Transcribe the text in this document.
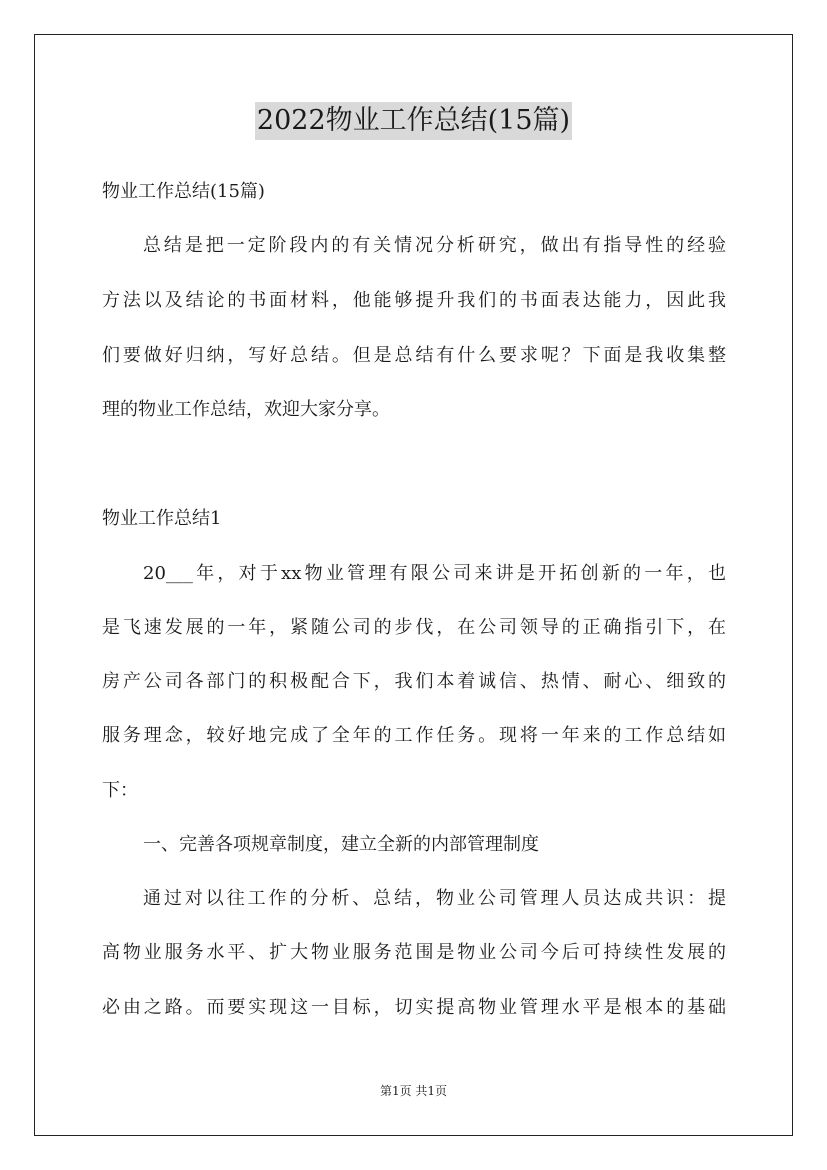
2022物业工作总结(15篇)
物业工作总结(15篇)
总结是把一定阶段内的有关情况分析研究，做出有指导性的经验
方法以及结论的书面材料，他能够提升我们的书面表达能力，因此我
们要做好归纳，写好总结。但是总结有什么要求呢？下面是我收集整
理的物业工作总结，欢迎大家分享。
物业工作总结1
20___年，对于xx物业管理有限公司来讲是开拓创新的一年，也
是飞速发展的一年，紧随公司的步伐，在公司领导的正确指引下，在
房产公司各部门的积极配合下，我们本着诚信、热情、耐心、细致的
服务理念，较好地完成了全年的工作任务。现将一年来的工作总结如
下：
一、完善各项规章制度，建立全新的内部管理制度
通过对以往工作的分析、总结，物业公司管理人员达成共识：提
高物业服务水平、扩大物业服务范围是物业公司今后可持续性发展的
必由之路。而要实现这一目标，切实提高物业管理水平是根本的基础
第1页 共1页
